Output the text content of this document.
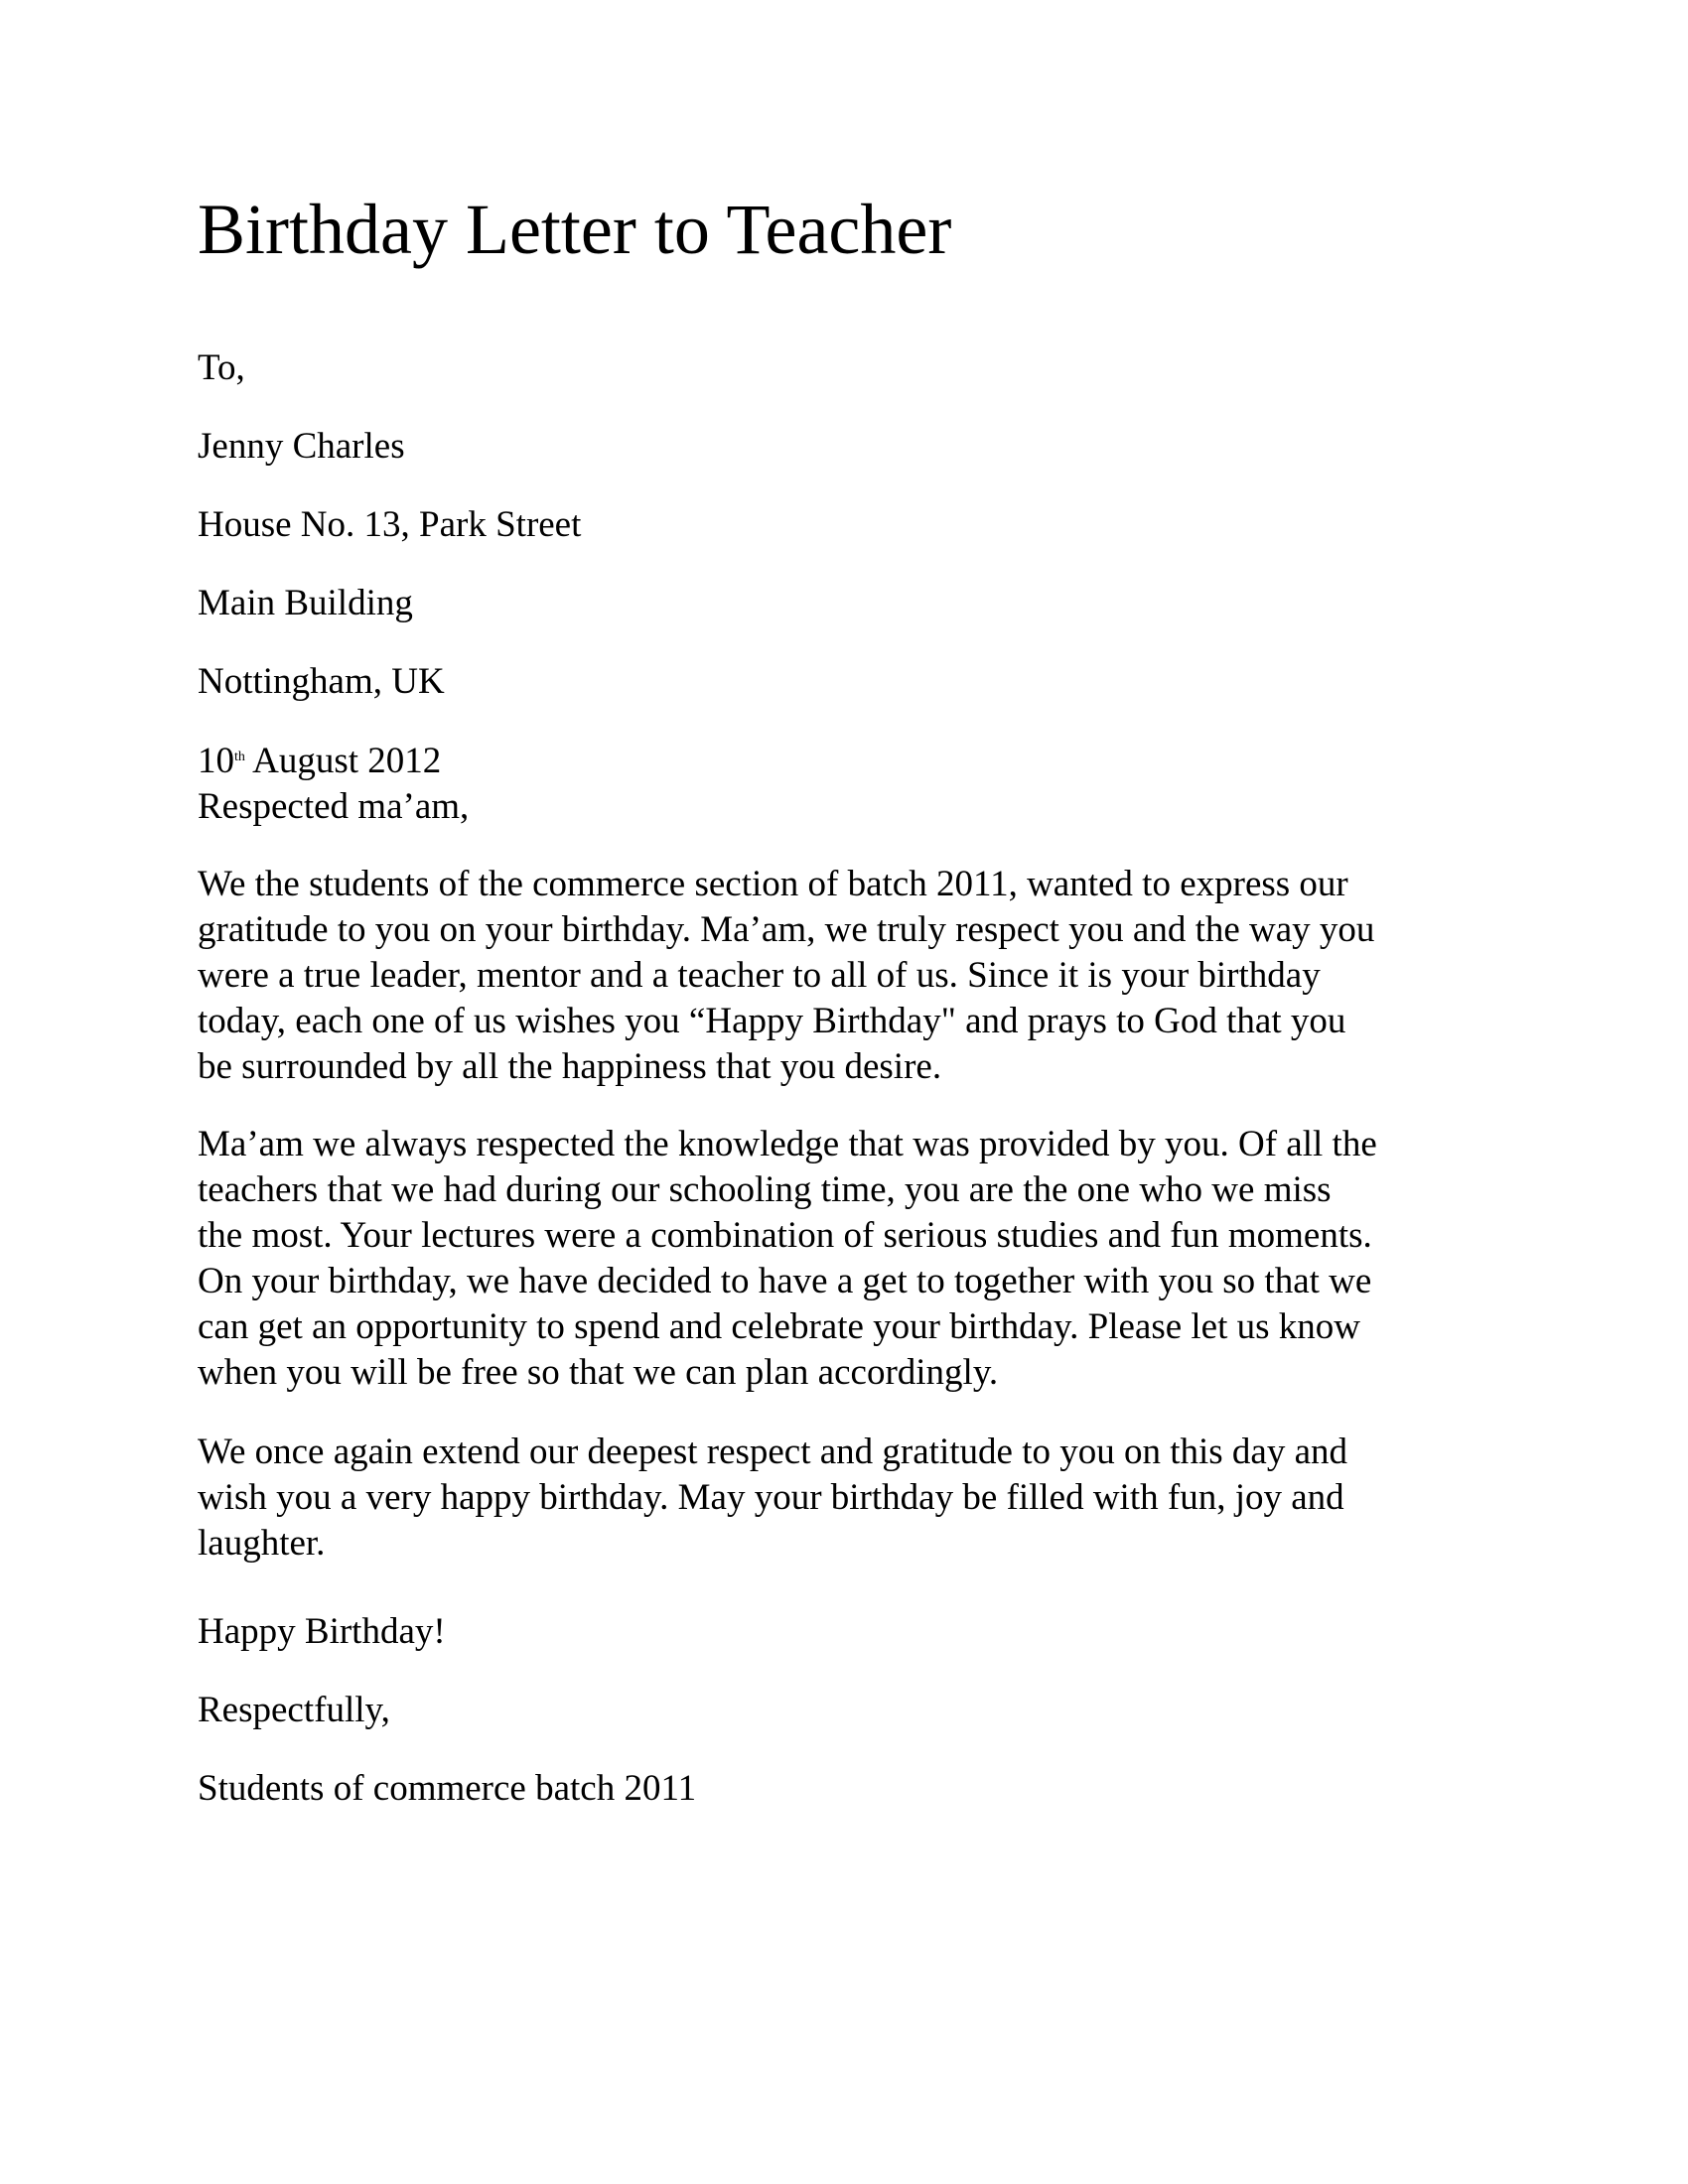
Birthday Letter to Teacher

To,

Jenny Charles

House No. 13, Park Street

Main Building

Nottingham, UK

10th August 2012

Respected ma’am,

We the students of the commerce section of batch 2011, wanted to express our
gratitude to you on your birthday. Ma’am, we truly respect you and the way you
were a true leader, mentor and a teacher to all of us. Since it is your birthday
today, each one of us wishes you “Happy Birthday" and prays to God that you
be surrounded by all the happiness that you desire.
Ma’am we always respected the knowledge that was provided by you. Of all the
teachers that we had during our schooling time, you are the one who we miss
the most. Your lectures were a combination of serious studies and fun moments.
On your birthday, we have decided to have a get to together with you so that we
can get an opportunity to spend and celebrate your birthday. Please let us know
when you will be free so that we can plan accordingly.
We once again extend our deepest respect and gratitude to you on this day and
wish you a very happy birthday. May your birthday be filled with fun, joy and
laughter.

Happy Birthday!

Respectfully,

Students of commerce batch 2011
